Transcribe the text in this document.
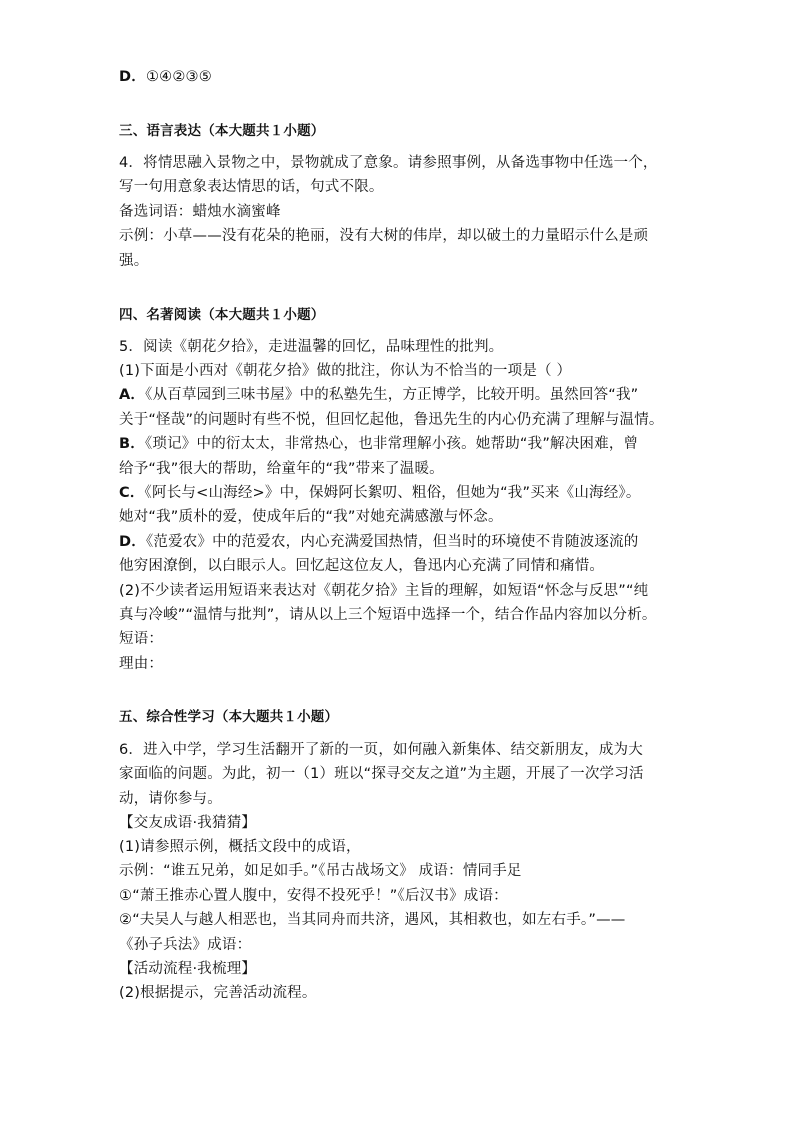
D．①④②③⑤
三、语言表达（本大题共１小题）
4．将情思融入景物之中，景物就成了意象。请参照事例，从备选事物中任选一个，
写一句用意象表达情思的话，句式不限。
备选词语：蜡烛水滴蜜峰
示例：小草——没有花朵的艳丽，没有大树的伟岸，却以破土的力量昭示什么是顽
强。
四、名著阅读（本大题共１小题）
5．阅读《朝花夕拾》，走进温馨的回忆，品味理性的批判。
(1)下面是小西对《朝花夕拾》做的批注，你认为不恰当的一项是（ ）
A．《从百草园到三味书屋》中的私塾先生，方正博学，比较开明。虽然回答“我”
关于“怪哉”的问题时有些不悦，但回忆起他，鲁迅先生的内心仍充满了理解与温情。
B．《琐记》中的衍太太，非常热心，也非常理解小孩。她帮助“我”解决困难，曾
给予“我”很大的帮助，给童年的“我”带来了温暖。
C．《阿长与<山海经>》中，保姆阿长絮叨、粗俗，但她为“我”买来《山海经》。
她对“我”质朴的爱，使成年后的“我”对她充满感激与怀念。
D．《范爱农》中的范爱农，内心充满爱国热情，但当时的环境使不肯随波逐流的
他穷困潦倒，以白眼示人。回忆起这位友人，鲁迅内心充满了同情和痛惜。
(2)不少读者运用短语来表达对《朝花夕拾》主旨的理解，如短语“怀念与反思”“纯
真与冷峻”“温情与批判”，请从以上三个短语中选择一个，结合作品内容加以分析。
短语：
理由：
五、综合性学习（本大题共１小题）
6．进入中学，学习生活翻开了新的一页，如何融入新集体、结交新朋友，成为大
家面临的问题。为此，初一（1）班以“探寻交友之道”为主题，开展了一次学习活
动，请你参与。
【交友成语·我猜猜】
(1)请参照示例，概括文段中的成语，
示例：“谁五兄弟，如足如手。”《吊古战场文》 成语：情同手足
①“萧王推赤心置人腹中，安得不投死乎！”《后汉书》成语：
②“夫吴人与越人相恶也，当其同舟而共济，遇风，其相救也，如左右手。”——
《孙子兵法》成语：
【活动流程·我梳理】
(2)根据提示，完善活动流程。
